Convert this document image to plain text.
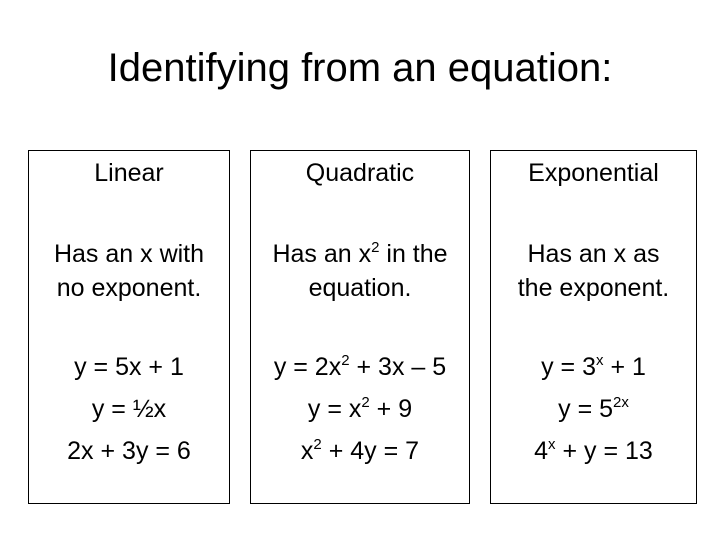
Identifying from an equation:
Linear
Has an x with
no exponent.
y = 5x + 1
y = ½x
2x + 3y = 6
Quadratic
Has an $x^2$ in the
equation.
$y = 2x^2 + 3x - 5$
$y = x^2 + 9$
$x^2 + 4y = 7$
Exponential
Has an x as
the exponent.
$y = 3^x + 1$
$y = 5^{2x}$
$4^x + y = 13$
